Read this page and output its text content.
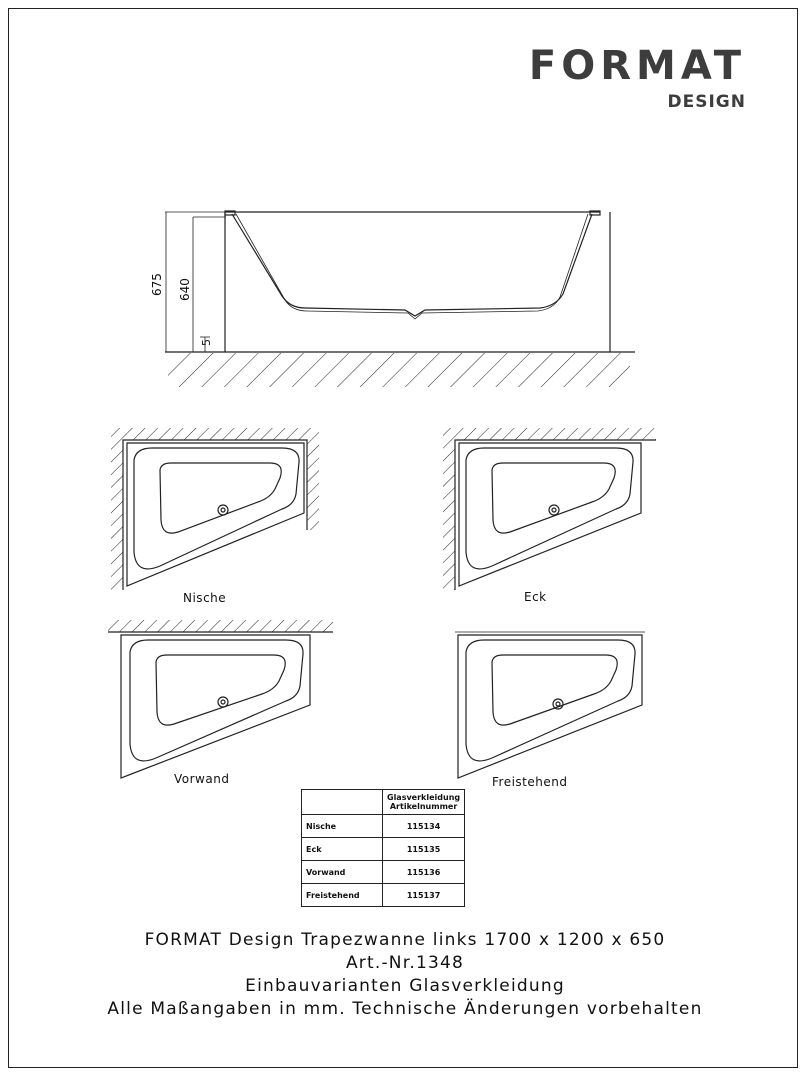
FORMAT
DESIGN
675 640
5
Nische	Eck
Vorwand	Freistehend

	Glasverkleidung
Artikelnummer

Nische	115134
Eck	115135
Vorwand	115136
Freistehend	115137
FORMAT Design Trapezwanne links 1700 x 1200 x 650
Art.-Nr.1348
Einbauvarianten Glasverkleidung
Alle Maßangaben in mm. Technische Änderungen vorbehalten
